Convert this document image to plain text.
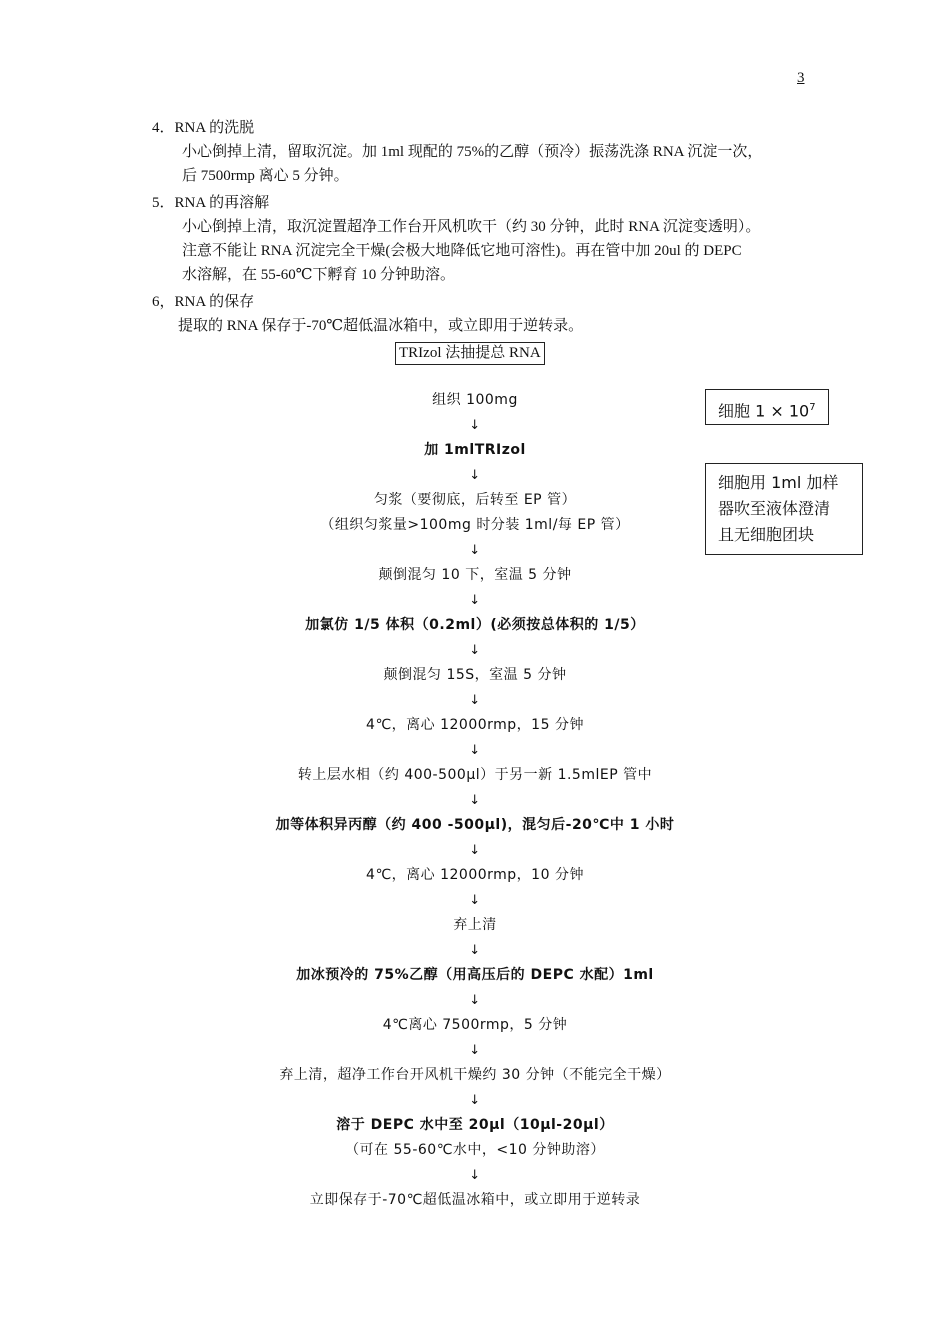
3
4．RNA 的洗脱
小心倒掉上清，留取沉淀。加 1ml 现配的 75%的乙醇（预冷）振荡洗涤 RNA 沉淀一次，
后 7500rmp 离心 5 分钟。
5．RNA 的再溶解
小心倒掉上清，取沉淀置超净工作台开风机吹干（约 30 分钟，此时 RNA 沉淀变透明）。
注意不能让 RNA 沉淀完全干燥(会极大地降低它地可溶性)。再在管中加 20ul 的 DEPC
水溶解，在 55-60℃下孵育 10 分钟助溶。
6，RNA 的保存
提取的 RNA 保存于-70℃超低温冰箱中，或立即用于逆转录。
TRIzol 法抽提总 RNA
细胞 $1 \times 10^7$
细胞用 1ml 加样
器吹至液体澄清
且无细胞团块
组织 100mg
↓
加 1mlTRIzol
↓
匀浆（要彻底，后转至 EP 管）
（组织匀浆量>100mg 时分装 1ml/每 EP 管）
↓
颠倒混匀 10 下，室温 5 分钟
↓
加氯仿 1/5 体积（0.2ml）(必须按总体积的 1/5）
↓
颠倒混匀 15S，室温 5 分钟
↓
4℃，离心 12000rmp，15 分钟
↓
转上层水相（约 400-500μl）于另一新 1.5mlEP 管中
↓
加等体积异丙醇（约 400 -500μl)，混匀后-20℃中 1 小时
↓
4℃，离心 12000rmp，10 分钟
↓
弃上清
↓
加冰预冷的 75%乙醇（用高压后的 DEPC 水配）1ml
↓
4℃离心 7500rmp，5 分钟
↓
弃上清，超净工作台开风机干燥约 30 分钟（不能完全干燥）
↓
溶于 DEPC 水中至 20μl（10μl-20μl）
（可在 55-60℃水中，<10 分钟助溶）
↓
立即保存于-70℃超低温冰箱中，或立即用于逆转录
